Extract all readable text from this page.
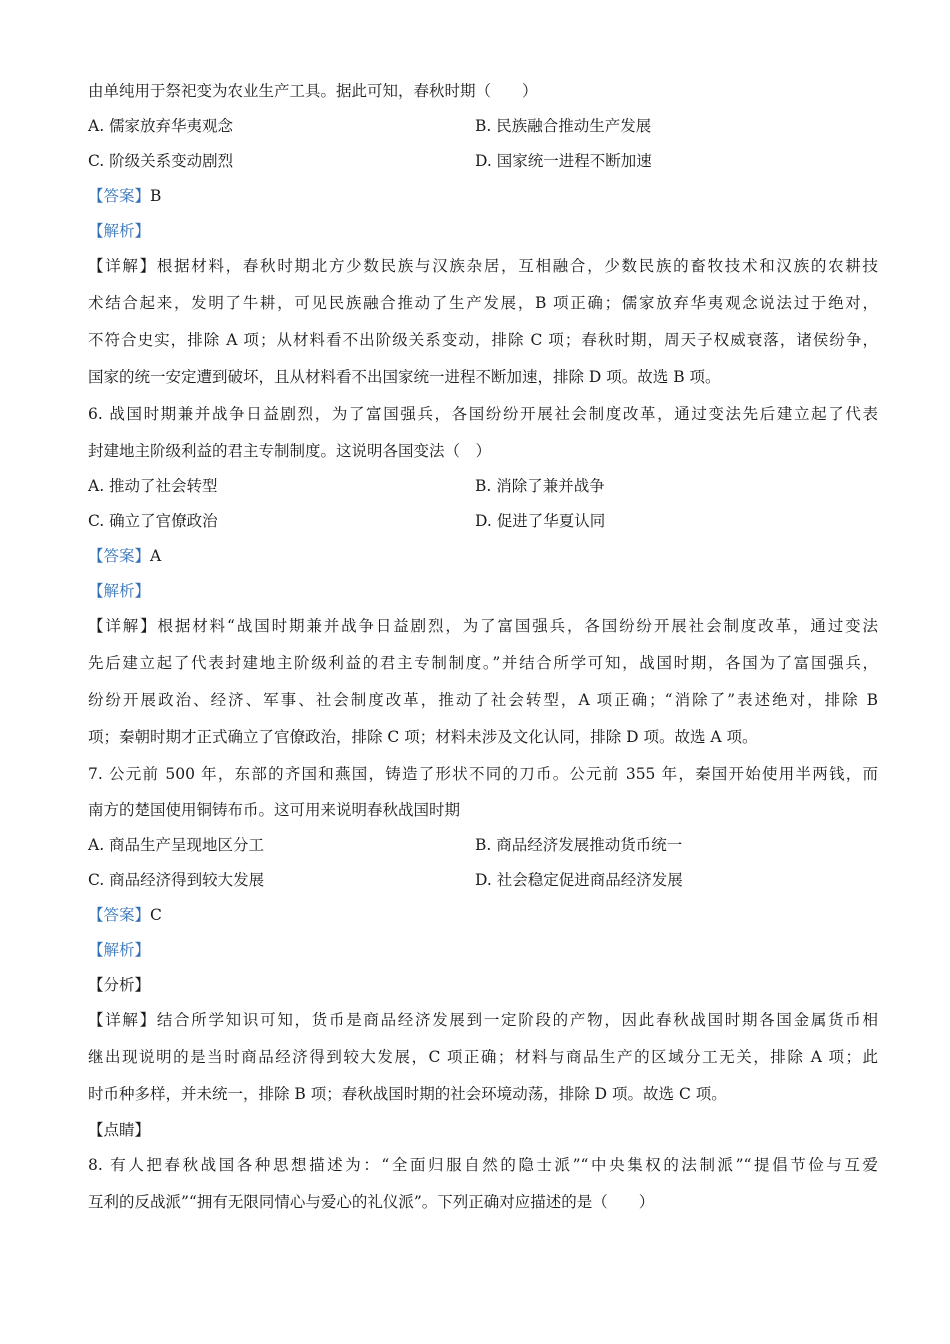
由单纯用于祭祀变为农业生产工具。据此可知，春秋时期（　　）
A. 儒家放弃华夷观念	B. 民族融合推动生产发展
C. 阶级关系变动剧烈	D. 国家统一进程不断加速
【答案】B
【解析】
【详解】根据材料，春秋时期北方少数民族与汉族杂居，互相融合，少数民族的畜牧技术和汉族的农耕技
术结合起来，发明了牛耕，可见民族融合推动了生产发展，B 项正确；儒家放弃华夷观念说法过于绝对，
不符合史实，排除 A 项；从材料看不出阶级关系变动，排除 C 项；春秋时期，周天子权威衰落，诸侯纷争，
国家的统一安定遭到破坏，且从材料看不出国家统一进程不断加速，排除 D 项。故选 B 项。
6. 战国时期兼并战争日益剧烈，为了富国强兵，各国纷纷开展社会制度改革，通过变法先后建立起了代表
封建地主阶级利益的君主专制制度。这说明各国变法（　）
A. 推动了社会转型	B. 消除了兼并战争
C. 确立了官僚政治	D. 促进了华夏认同
【答案】A
【解析】
【详解】根据材料“战国时期兼并战争日益剧烈，为了富国强兵，各国纷纷开展社会制度改革，通过变法
先后建立起了代表封建地主阶级利益的君主专制制度。”并结合所学可知，战国时期，各国为了富国强兵，
纷纷开展政治、经济、军事、社会制度改革，推动了社会转型，A 项正确；“消除了”表述绝对，排除 B
项；秦朝时期才正式确立了官僚政治，排除 C 项；材料未涉及文化认同，排除 D 项。故选 A 项。
7. 公元前 500 年，东部的齐国和燕国，铸造了形状不同的刀币。公元前 355 年，秦国开始使用半两钱，而
南方的楚国使用铜铸布币。这可用来说明春秋战国时期
A. 商品生产呈现地区分工	B. 商品经济发展推动货币统一
C. 商品经济得到较大发展	D. 社会稳定促进商品经济发展
【答案】C
【解析】
【分析】
【详解】结合所学知识可知，货币是商品经济发展到一定阶段的产物，因此春秋战国时期各国金属货币相
继出现说明的是当时商品经济得到较大发展，C 项正确；材料与商品生产的区域分工无关，排除 A 项；此
时币种多样，并未统一，排除 B 项；春秋战国时期的社会环境动荡，排除 D 项。故选 C 项。
【点睛】
8. 有人把春秋战国各种思想描述为：“全面归服自然的隐士派”“中央集权的法制派”“提倡节俭与互爱
互利的反战派”“拥有无限同情心与爱心的礼仪派”。下列正确对应描述的是（　　）
